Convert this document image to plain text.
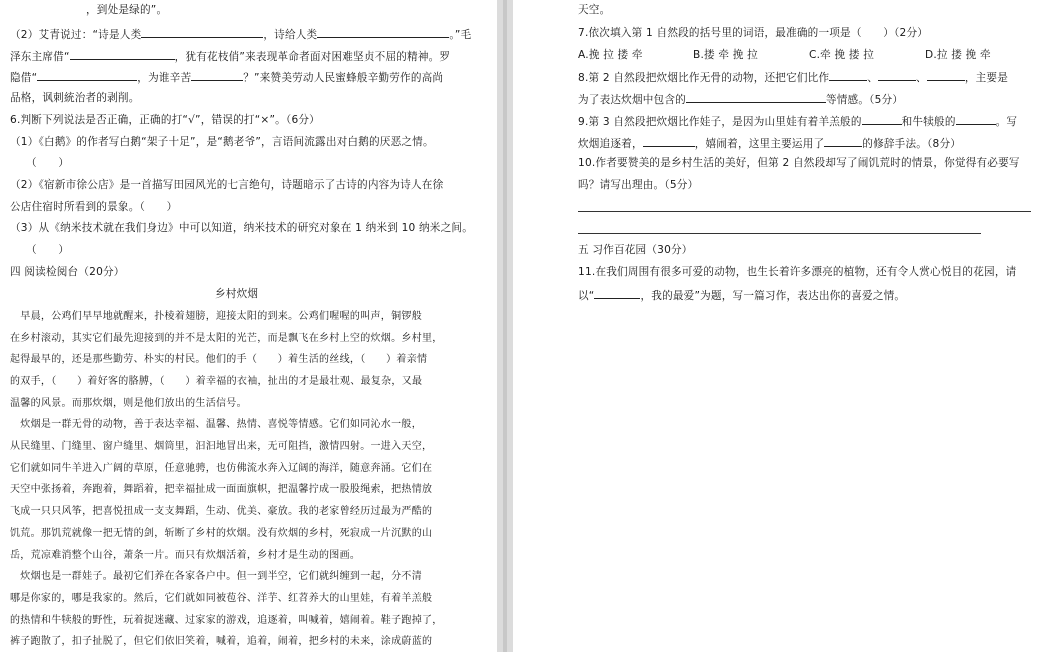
，到处是绿的”。
（2）艾青说过：“诗是人类	，诗给人类	。”毛
泽东主席借“	，犹有花枝俏”来表现革命者面对困难坚贞不屈的精神。罗
隐借“	，为谁辛苦	？”来赞美劳动人民蜜蜂般辛勤劳作的高尚
品格，讽刺統治者的剥削。
6.判断下列说法是否正确，正确的打“√”，错误的打“×”。（6分）
（1）《白鹅》的作者写白鹅“架子十足”，是“鹅老爷”，言语间流露出对白鹅的厌恶之情。
（　　）
（2）《宿新市徐公店》是一首描写田园风光的七言绝句，诗题暗示了古诗的内容为诗人在徐
公店住宿时所看到的景象。（　　）
（3）从《纳米技术就在我们身边》中可以知道，纳米技术的研究对象在 1 纳米到 10 纳米之间。
（　　）
四 阅读检阅台（20分）
乡村炊烟
　早晨，公鸡们早早地就醒来，扑棱着翅膀，迎接太阳的到来。公鸡们喔喔的叫声，铜锣般
在乡村滚动，其实它们最先迎接到的并不是太阳的光芒，而是飘飞在乡村上空的炊烟。乡村里，
起得最早的，还是那些勤劳、朴实的村民。他们的手（　　）着生活的丝线，（　　）着亲情
的双手，（　　）着好客的胳膊，（　　）着幸福的衣袖，扯出的才是最壮观、最复杂，又最
温馨的风景。而那炊烟，则是他们放出的生活信号。
　炊烟是一群无骨的动物，善于表达幸福、温馨、热情、喜悦等情感。它们如同沁水一般，
从民缝里、门缝里、窗户缝里、烟筒里，汩汩地冒出来，无可阻挡，激情四射。一进入天空，
它们就如同牛羊进入广阔的草原，任意驰骋，也仿佛流水奔入辽阔的海洋，随意奔涌。它们在
天空中张扬着，奔跑着，舞蹈着，把幸福扯成一面面旗帜，把温馨拧成一股股绳索，把热情放
飞成一只只风筝，把喜悦扭成一支支舞蹈，生动、优美、豪放。我的老家曾经历过最为严酷的
饥荒。那饥荒就像一把无情的剑，斩断了乡村的炊烟。没有炊烟的乡村，死寂成一片沉默的山
岳，荒凉难消整个山谷，萧条一片。而只有炊烟活着，乡村才是生动的图画。
　炊烟也是一群娃子。最初它们养在各家各户中。但一到半空，它们就纠缠到一起，分不清
哪是你家的，哪是我家的。然后，它们就如同被苞谷、洋芋、红苕养大的山里娃，有着羊羔般
的热情和牛犊般的野性，玩着捉迷藏、过家家的游戏，追逐着，叫喊着，嬉闹着。鞋子跑掉了，
裤子跑散了，扣子扯脱了，但它们依旧笑着，喊着，追着，闹着，把乡村的未来，涂成蔚蓝的
天空。
7.依次填入第 1 自然段的括号里的词语，最准确的一项是（　　）（2分）
A.挽 拉 搂 牵	B.搂 牵 挽 拉	C.牵 挽 搂 拉	D.拉 搂 挽 牵
8.第 2 自然段把炊烟比作无骨的动物，还把它们比作	、	、	，主要是
为了表达炊烟中包含的	等情感。（5分）
9.第 3 自然段把炊烟比作娃子，是因为山里娃有着羊羔般的	和牛犊般的	。写
炊烟追逐着，	，嬉闹着，这里主要运用了	的修辞手法。（8分）
10.作者要赞美的是乡村生活的美好，但第 2 自然段却写了闹饥荒时的情景，你觉得有必要写
吗？请写出理由。（5分）
五 习作百花园（30分）
11.在我们周围有很多可爱的动物，也生长着许多漂亮的植物，还有令人赏心悦目的花园，请
以“	，我的最爱”为题，写一篇习作，表达出你的喜爱之情。
